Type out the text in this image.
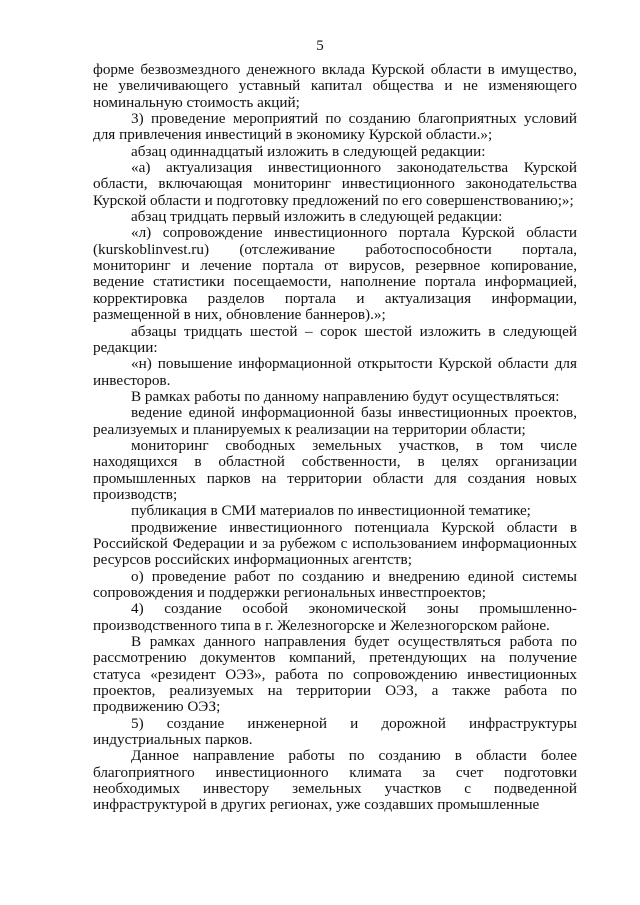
5

форме безвозмездного денежного вклада Курской области в имущество, не увеличивающего уставный капитал общества и не изменяющего номинальную стоимость акций;

3) проведение мероприятий по созданию благоприятных условий для привлечения инвестиций в экономику Курской области.»;

абзац одиннадцатый изложить в следующей редакции:

«а) актуализация инвестиционного законодательства Курской области, включающая мониторинг инвестиционного законодательства Курской области и подготовку предложений по его совершенствованию;»;

абзац тридцать первый изложить в следующей редакции:

«л) сопровождение инвестиционного портала Курской области (kurskoblinvest.ru) (отслеживание работоспособности портала, мониторинг и лечение портала от вирусов, резервное копирование, ведение статистики посещаемости, наполнение портала информацией, корректировка разделов портала и актуализация информации, размещенной в них, обновление баннеров).»;

абзацы тридцать шестой – сорок шестой изложить в следующей редакции:

«н) повышение информационной открытости Курской области для инвесторов.

В рамках работы по данному направлению будут осуществляться:

ведение единой информационной базы инвестиционных проектов, реализуемых и планируемых к реализации на территории области;

мониторинг свободных земельных участков, в том числе находящихся в областной собственности, в целях организации промышленных парков на территории области для создания новых производств;

публикация в СМИ материалов по инвестиционной тематике;

продвижение инвестиционного потенциала Курской области в Российской Федерации и за рубежом с использованием информационных ресурсов российских информационных агентств;

о) проведение работ по созданию и внедрению единой системы сопровождения и поддержки региональных инвестпроектов;

4) создание особой экономической зоны промышленно-производственного типа в г. Железногорске и Железногорском районе.

В рамках данного направления будет осуществляться работа по рассмотрению документов компаний, претендующих на получение статуса «резидент ОЭЗ», работа по сопровождению инвестиционных проектов, реализуемых на территории ОЭЗ, а также работа по продвижению ОЭЗ;

5) создание инженерной и дорожной инфраструктуры индустриальных парков.

Данное направление работы по созданию в области более благоприятного инвестиционного климата за счет подготовки необходимых инвестору земельных участков с подведенной инфраструктурой в других регионах, уже создавших промышленные
